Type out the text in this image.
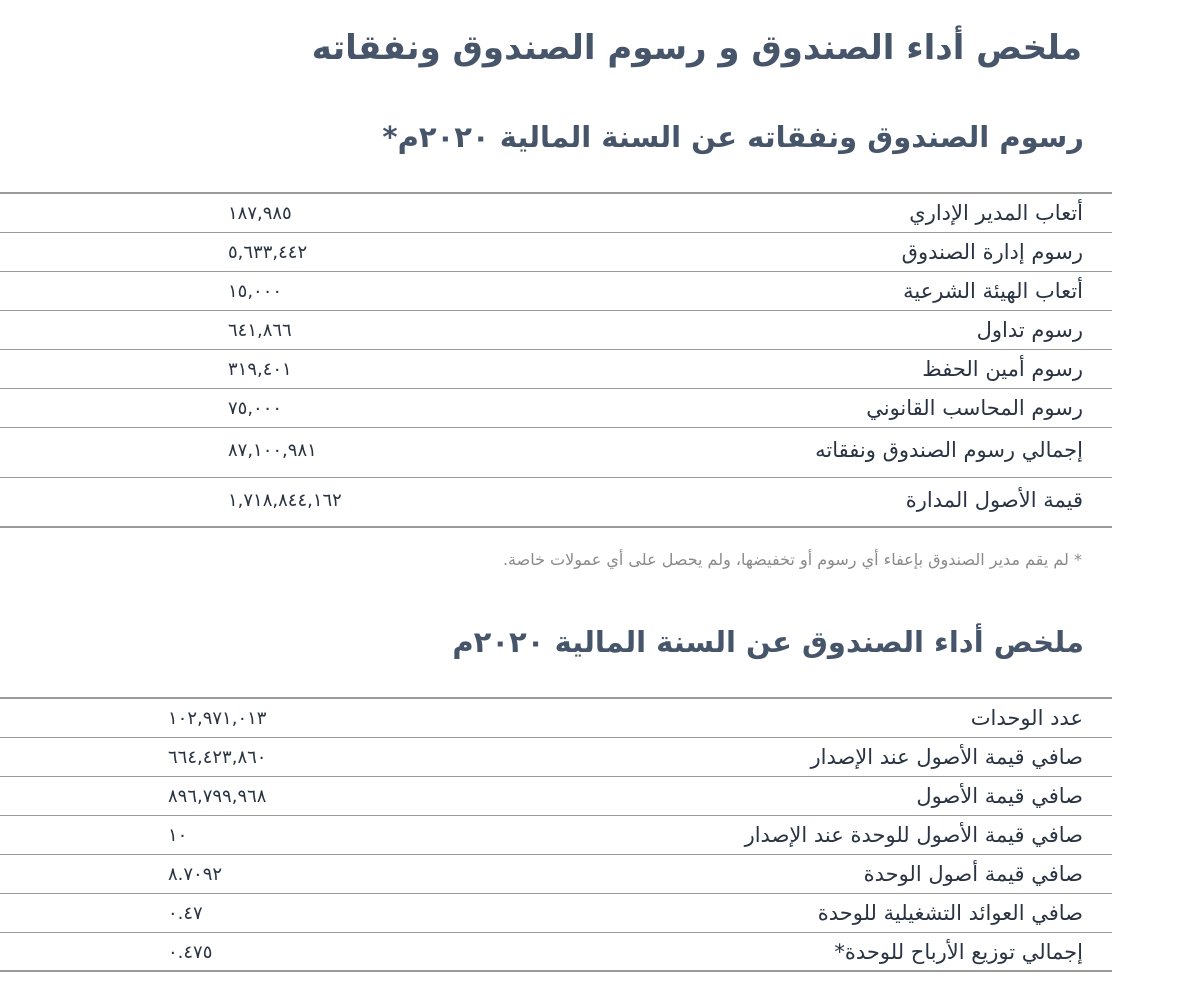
ملخص أداء الصندوق و رسوم الصندوق ونفقاته
رسوم الصندوق ونفقاته عن السنة المالية ٢٠٢٠م*
أتعاب المدير الإداري
١٨٧,٩٨٥
رسوم إدارة الصندوق
٥,٦٣٣,٤٤٢
أتعاب الهيئة الشرعية
١٥,٠٠٠
رسوم تداول
٦٤١,٨٦٦
رسوم أمين الحفظ
٣١٩,٤٠١
رسوم المحاسب القانوني
٧٥,٠٠٠
إجمالي رسوم الصندوق ونفقاته
٨٧,١٠٠,٩٨١
قيمة الأصول المدارة
١,٧١٨,٨٤٤,١٦٢

* لم يقم مدير الصندوق بإعفاء أي رسوم أو تخفيضها، ولم يحصل على أي عمولات خاصة.

ملخص أداء الصندوق عن السنة المالية ٢٠٢٠م
عدد الوحدات
١٠٢,٩٧١,٠١٣
صافي قيمة الأصول عند الإصدار
٦٦٤,٤٢٣,٨٦٠
صافي قيمة الأصول
٨٩٦,٧٩٩,٩٦٨
صافي قيمة الأصول للوحدة عند الإصدار
١٠
صافي قيمة أصول الوحدة
٨.٧٠٩٢
صافي العوائد التشغيلية للوحدة
٠.٤٧
إجمالي توزيع الأرباح للوحدة*
٠.٤٧٥
